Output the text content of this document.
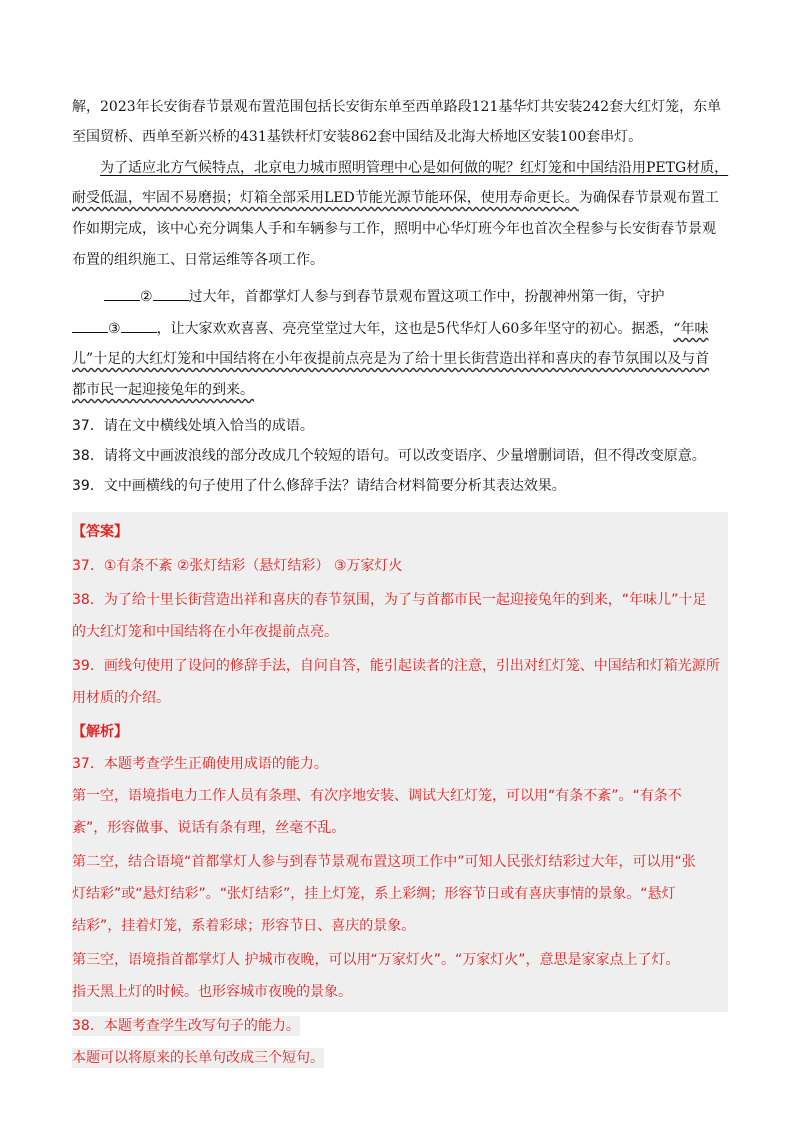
解，2023年长安街春节景观布置范围包括长安街东单至西单路段121基华灯共安装242套大红灯笼，东单
至国贸桥、西单至新兴桥的431基铁杆灯安装862套中国结及北海大桥地区安装100套串灯。
为了适应北方气候特点，北京电力城市照明管理中心是如何做的呢？红灯笼和中国结沿用PETG材质，
耐受低温，牢固不易磨损；灯箱全部采用LED节能光源节能环保，使用寿命更长。为确保春节景观布置工
作如期完成，该中心充分调集人手和车辆参与工作，照明中心华灯班今年也首次全程参与长安街春节景观
布置的组织施工、日常运维等各项工作。
②	过大年，首都掌灯人参与到春节景观布置这项工作中，扮靓神州第一街，守护
③	，让大家欢欢喜喜、亮亮堂堂过大年，这也是5代华灯人60多年坚守的初心。据悉，“年味
儿”十足的大红灯笼和中国结将在小年夜提前点亮是为了给十里长街营造出祥和喜庆的春节氛围以及与首
都市民一起迎接兔年的到来。
37．请在文中横线处填入恰当的成语。
38．请将文中画波浪线的部分改成几个较短的语句。可以改变语序、少量增删词语，但不得改变原意。
39．文中画横线的句子使用了什么修辞手法？请结合材料简要分析其表达效果。
【答案】
37．①有条不紊 ②张灯结彩（悬灯结彩） ③万家灯火
38．为了给十里长街营造出祥和喜庆的春节氛围，为了与首都市民一起迎接兔年的到来，“年味儿”十足
的大红灯笼和中国结将在小年夜提前点亮。
39．画线句使用了设问的修辞手法，自问自答，能引起读者的注意，引出对红灯笼、中国结和灯箱光源所
用材质的介绍。
【解析】
37．本题考查学生正确使用成语的能力。
第一空，语境指电力工作人员有条理、有次序地安装、调试大红灯笼，可以用“有条不紊”。“有条不
紊”，形容做事、说话有条有理，丝毫不乱。
第二空，结合语境“首都掌灯人参与到春节景观布置这项工作中”可知人民张灯结彩过大年，可以用“张
灯结彩”或“悬灯结彩”。“张灯结彩”，挂上灯笼，系上彩绸；形容节日或有喜庆事情的景象。“悬灯
结彩”，挂着灯笼，系着彩球；形容节日、喜庆的景象。
第三空，语境指首都掌灯人 护城市夜晚，可以用“万家灯火”。“万家灯火”，意思是家家点上了灯。
指天黑上灯的时候。也形容城市夜晚的景象。
38．本题考查学生改写句子的能力。
本题可以将原来的长单句改成三个短句。
